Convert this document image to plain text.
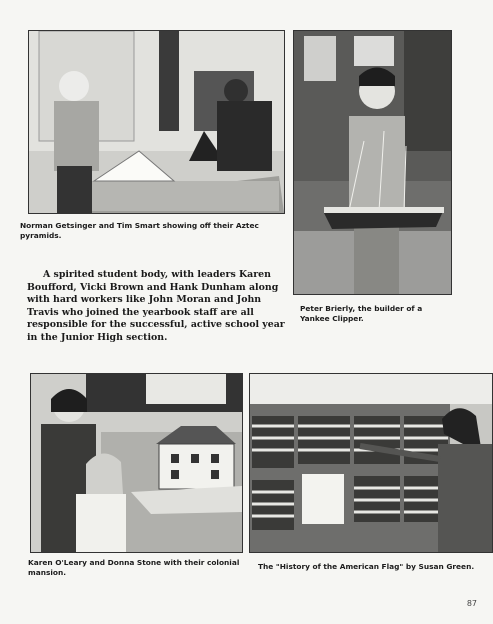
Norman Getsinger and Tim Smart showing off their Aztec pyramids.
Peter Brierly, the builder of a Yankee Clipper.
A spirited student body, with leaders Karen Boufford, Vicki Brown and Hank Dunham along with hard workers like John Moran and John Travis who joined the yearbook staff are all responsible for the successful, active school year in the Junior High section.
Karen O'Leary and Donna Stone with their colonial mansion.
The "History of the American Flag" by Susan Green.
87
